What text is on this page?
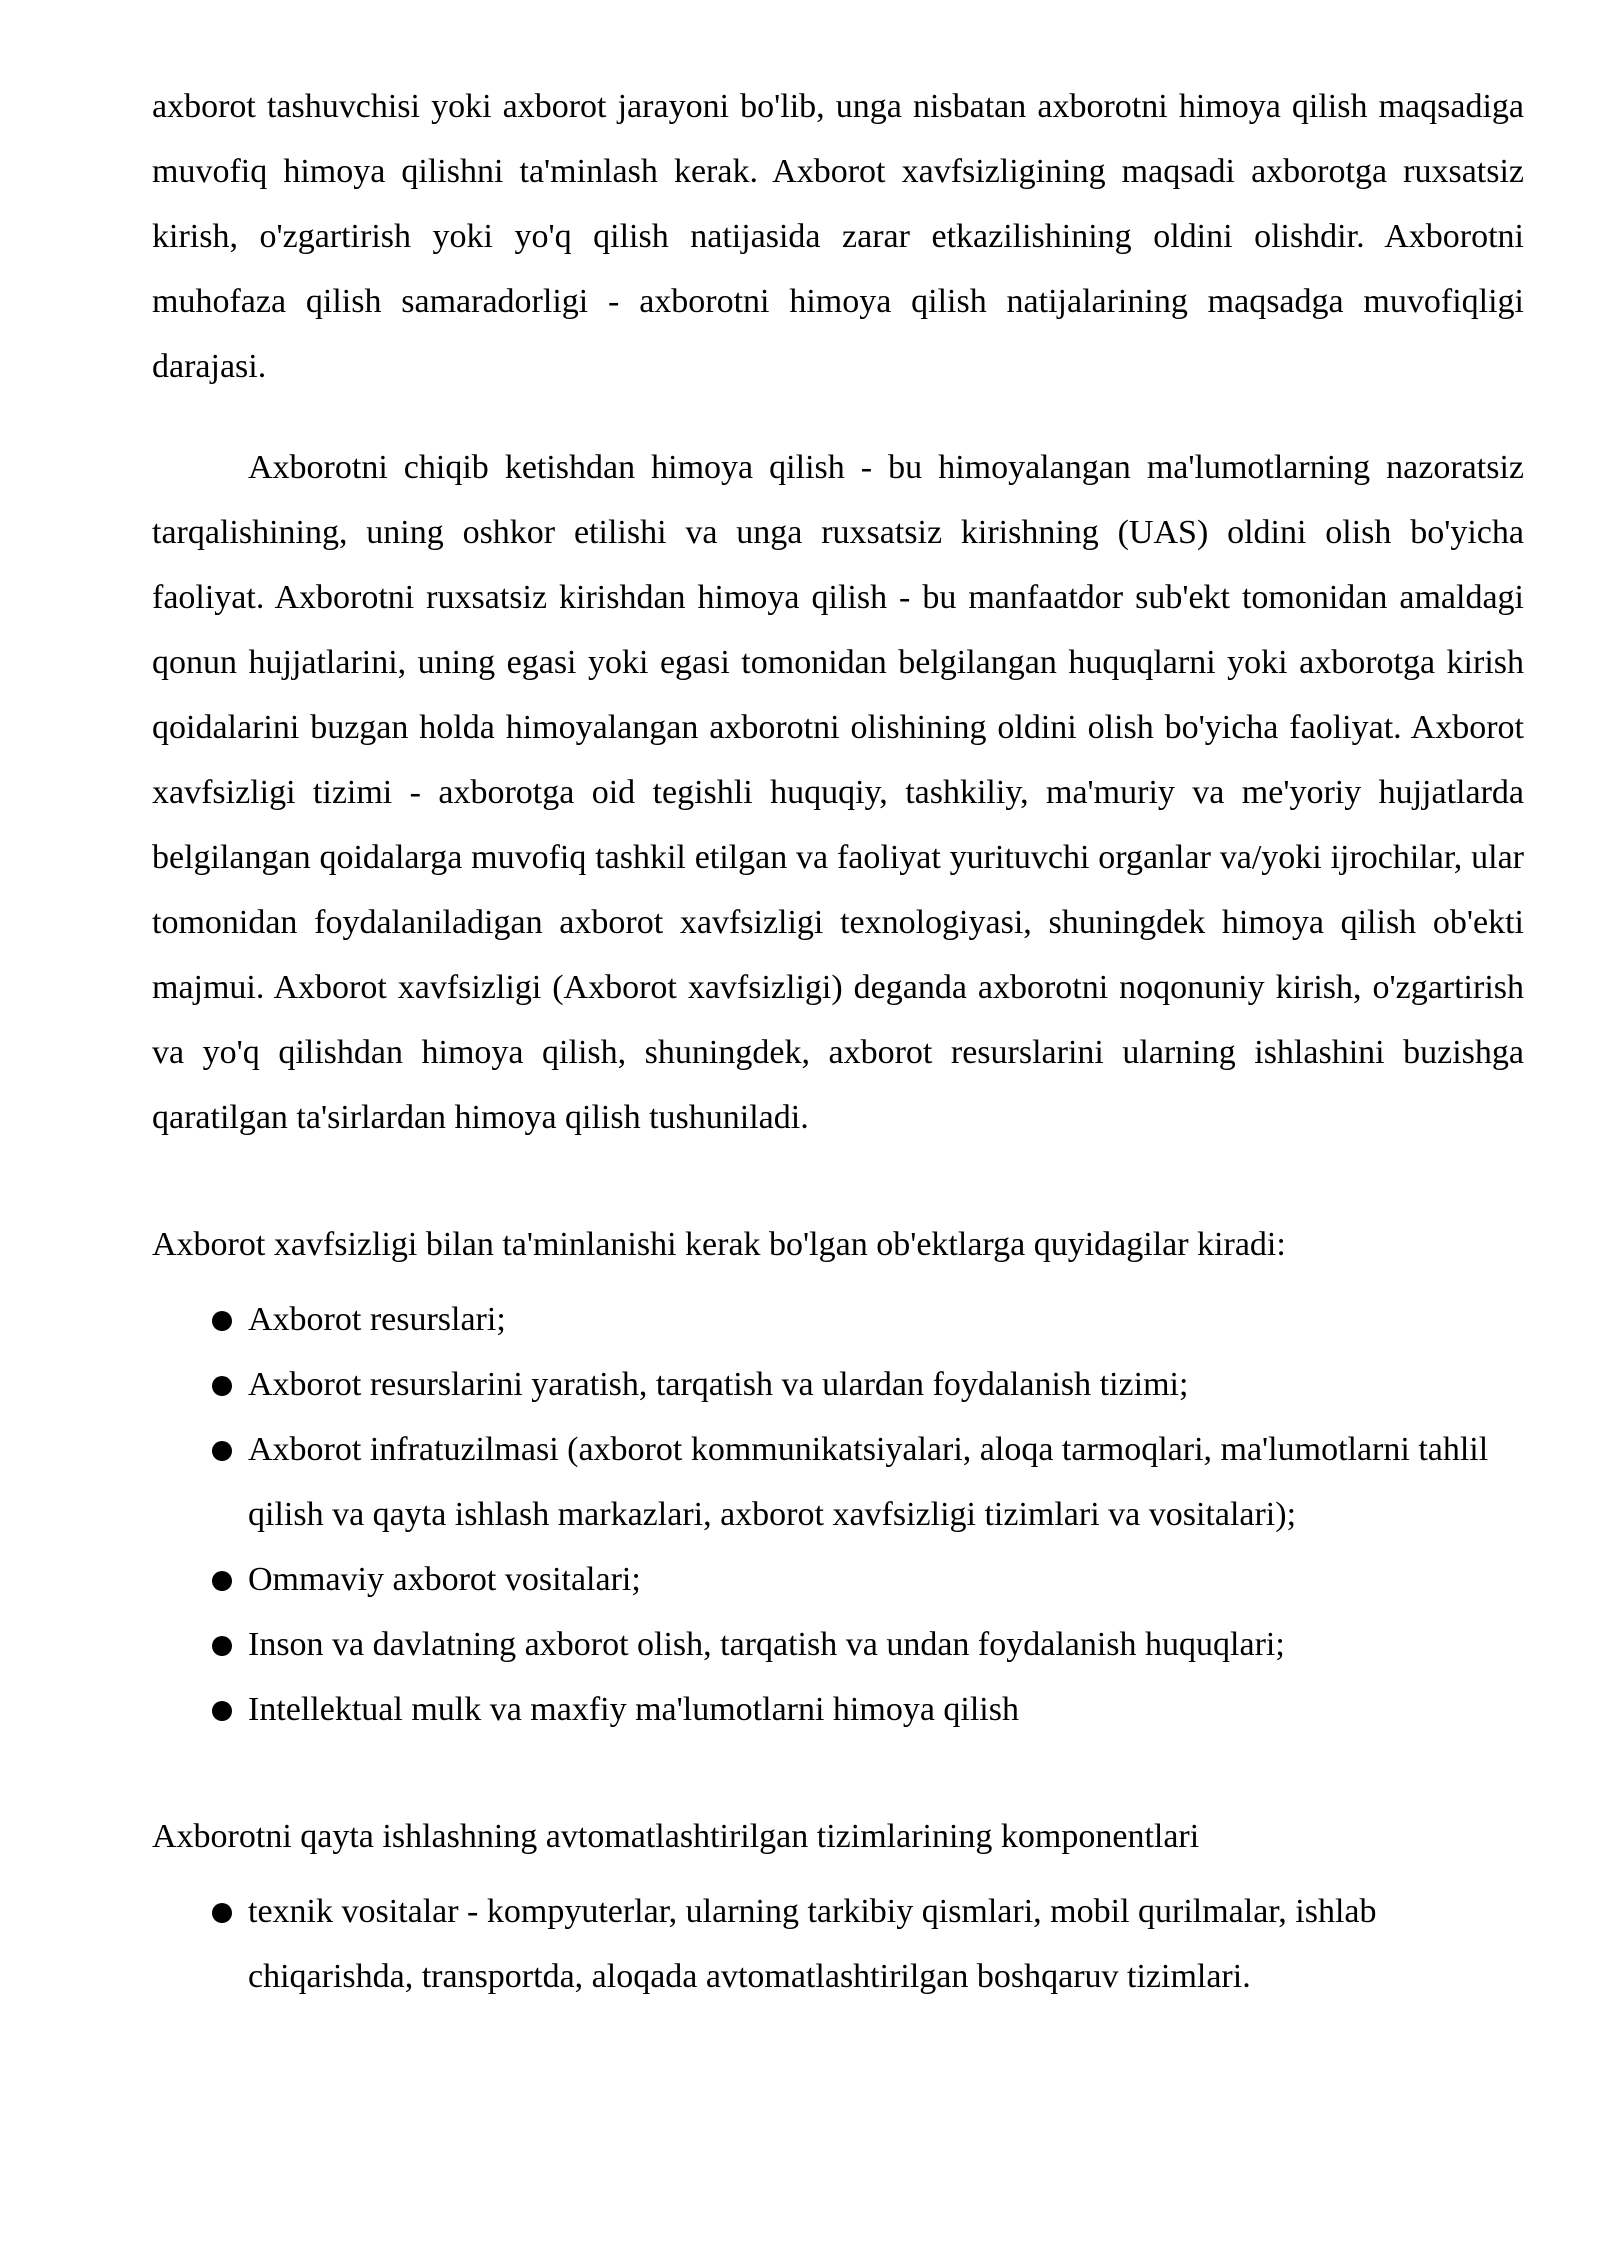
axborot tashuvchisi yoki axborot jarayoni bo'lib, unga nisbatan axborotni himoya qilish maqsadiga muvofiq himoya qilishni ta'minlash kerak. Axborot xavfsizligining maqsadi axborotga ruxsatsiz kirish, o'zgartirish yoki yo'q qilish natijasida zarar etkazilishining oldini olishdir. Axborotni muhofaza qilish samaradorligi - axborotni himoya qilish natijalarining maqsadga muvofiqligi darajasi.

Axborotni chiqib ketishdan himoya qilish - bu himoyalangan ma'lumotlarning nazoratsiz tarqalishining, uning oshkor etilishi va unga ruxsatsiz kirishning (UAS) oldini olish bo'yicha faoliyat. Axborotni ruxsatsiz kirishdan himoya qilish - bu manfaatdor sub'ekt tomonidan amaldagi qonun hujjatlarini, uning egasi yoki egasi tomonidan belgilangan huquqlarni yoki axborotga kirish qoidalarini buzgan holda himoyalangan axborotni olishining oldini olish bo'yicha faoliyat. Axborot xavfsizligi tizimi - axborotga oid tegishli huquqiy, tashkiliy, ma'muriy va me'yoriy hujjatlarda belgilangan qoidalarga muvofiq tashkil etilgan va faoliyat yurituvchi organlar va/yoki ijrochilar, ular tomonidan foydalaniladigan axborot xavfsizligi texnologiyasi, shuningdek himoya qilish ob'ekti majmui. Axborot xavfsizligi (Axborot xavfsizligi) deganda axborotni noqonuniy kirish, o'zgartirish va yo'q qilishdan himoya qilish, shuningdek, axborot resurslarini ularning ishlashini buzishga qaratilgan ta'sirlardan himoya qilish tushuniladi.

Axborot xavfsizligi bilan ta'minlanishi kerak bo'lgan ob'ektlarga quyidagilar kiradi:

Axborot resurslari;
Axborot resurslarini yaratish, tarqatish va ulardan foydalanish tizimi;
Axborot infratuzilmasi (axborot kommunikatsiyalari, aloqa tarmoqlari, ma'lumotlarni tahlil qilish va qayta ishlash markazlari, axborot xavfsizligi tizimlari va vositalari);
Ommaviy axborot vositalari;
Inson va davlatning axborot olish, tarqatish va undan foydalanish huquqlari;
Intellektual mulk va maxfiy ma'lumotlarni himoya qilish

Axborotni qayta ishlashning avtomatlashtirilgan tizimlarining komponentlari

texnik vositalar - kompyuterlar, ularning tarkibiy qismlari, mobil qurilmalar, ishlab chiqarishda, transportda, aloqada avtomatlashtirilgan boshqaruv tizimlari.
